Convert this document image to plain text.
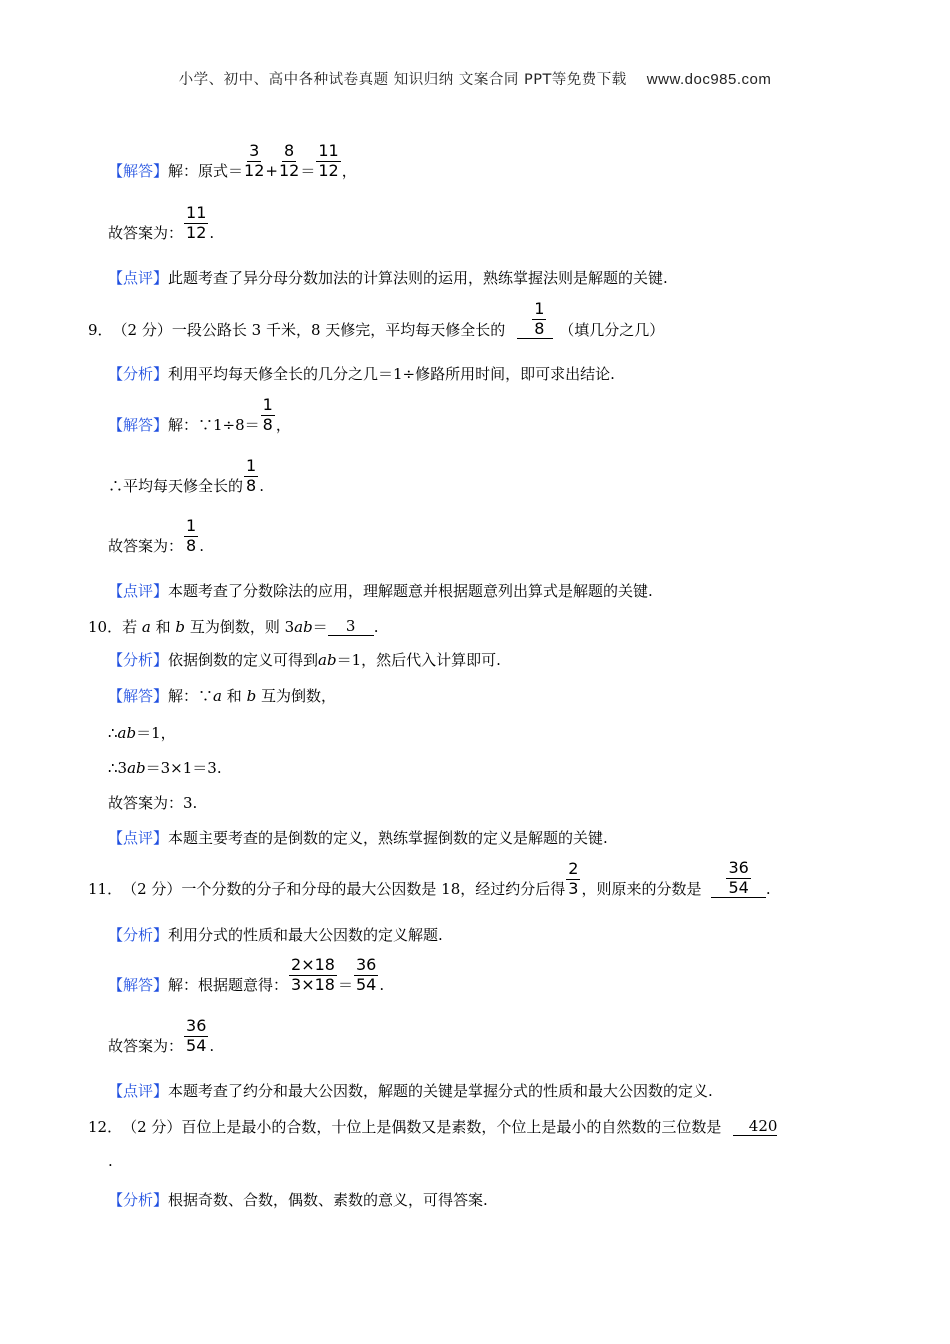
小学、初中、高中各种试卷真题 知识归纳 文案合同 PPT等免费下载 www.doc985.com
【解答】 解：原式＝ $\frac{3}{12} + \frac{8}{12} = \frac{11}{12}$ ，
故答案为： $\frac{11}{12}$ .
【点评】 此题考查了异分母分数加法的计算法则的运用，熟练掌握法则是解题的关键.
9． （2 分）一段公路长 3 千米，8 天修完，平均每天修全长的 $\frac{1}{8}$ （填几分之几）
【分析】 利用平均每天修全长的几分之几＝1÷修路所用时间，即可求出结论.
【解答】 解：∵1÷8＝ $\frac{1}{8}$ ，
∴平均每天修全长的 $\frac{1}{8}$ .
故答案为： $\frac{1}{8}$ .
【点评】 本题考查了分数除法的应用，理解题意并根据题意列出算式是解题的关键.
10． 若
a
和
b
互为倒数，则 3 ab ＝	3	.
【分析】 依据倒数的定义可得到 ab ＝1，然后代入计算即可.
【解答】 解：∵ a
和
b
互为倒数，
∴ ab ＝1，
∴3 ab ＝3×1＝3.
故答案为：3.
【点评】 本题主要考查的是倒数的定义，熟练掌握倒数的定义是解题的关键.
11． （2 分）一个分数的分子和分母的最大公因数是 18，经过约分后得 $\frac{2}{3}$ ，则原来的分数是 $\frac{36}{54}$ .
【分析】 利用分式的性质和最大公因数的定义解题.
【解答】 解：根据题意得： $\frac{2\times 18}{3\times 18} = \frac{36}{54}$ .
故答案为： $\frac{36}{54}$ .
【点评】 本题考查了约分和最大公因数，解题的关键是掌握分式的性质和最大公因数的定义.
12． （2 分）百位上是最小的合数，十位上是偶数又是素数，个位上是最小的自然数的三位数是	420
.
【分析】 根据奇数、合数，偶数、素数的意义，可得答案.
